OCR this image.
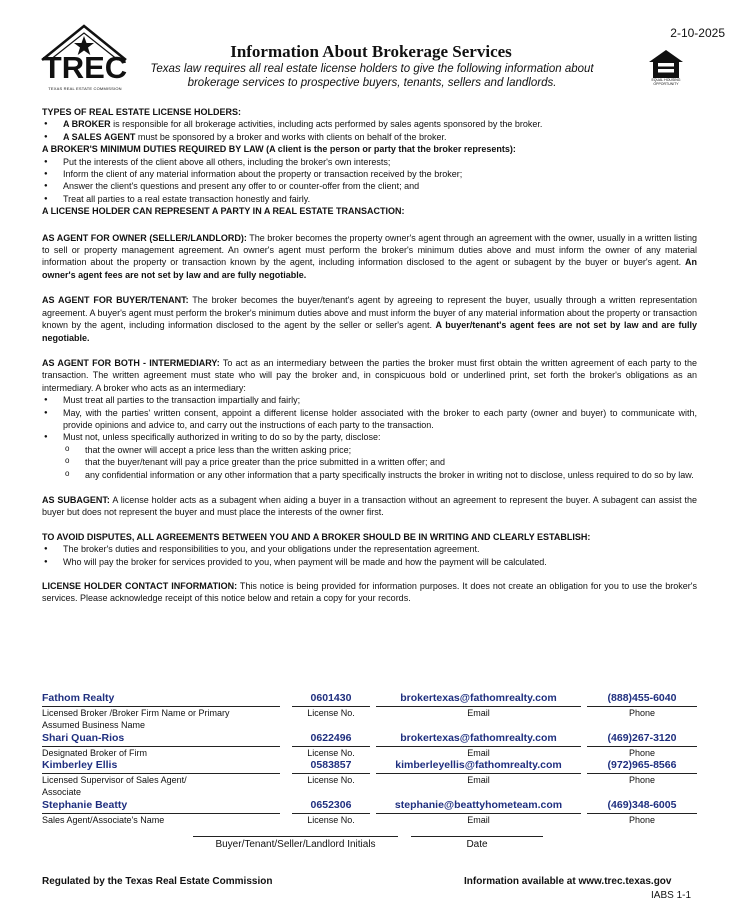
TREC
TEXAS REAL ESTATE COMMISSION
2-10-2025
EQUAL HOUSING OPPORTUNITY
Information About Brokerage Services
Texas law requires all real estate license holders to give the following information about brokerage services to prospective buyers, tenants, sellers and landlords.

TYPES OF REAL ESTATE LICENSE HOLDERS:

● A BROKER is responsible for all brokerage activities, including acts performed by sales agents sponsored by the broker.
● A SALES AGENT must be sponsored by a broker and works with clients on behalf of the broker.

A BROKER'S MINIMUM DUTIES REQUIRED BY LAW (A client is the person or party that the broker represents):

● Put the interests of the client above all others, including the broker's own interests;
● Inform the client of any material information about the property or transaction received by the broker;
● Answer the client's questions and present any offer to or counter-offer from the client; and
● Treat all parties to a real estate transaction honestly and fairly.

A LICENSE HOLDER CAN REPRESENT A PARTY IN A REAL ESTATE TRANSACTION:

AS AGENT FOR OWNER (SELLER/LANDLORD): The broker becomes the property owner's agent through an agreement with the owner, usually in a written listing to sell or property management agreement. An owner's agent must perform the broker's minimum duties above and must inform the owner of any material information about the property or transaction known by the agent, including information disclosed to the agent or subagent by the buyer or buyer's agent. An owner's agent fees are not set by law and are fully negotiable.

AS AGENT FOR BUYER/TENANT: The broker becomes the buyer/tenant's agent by agreeing to represent the buyer, usually through a written representation agreement. A buyer's agent must perform the broker's minimum duties above and must inform the buyer of any material information about the property or transaction known by the agent, including information disclosed to the agent by the seller or seller's agent. A buyer/tenant's agent fees are not set by law and are fully negotiable.

AS AGENT FOR BOTH - INTERMEDIARY: To act as an intermediary between the parties the broker must first obtain the written agreement of each party to the transaction. The written agreement must state who will pay the broker and, in conspicuous bold or underlined print, set forth the broker's obligations as an intermediary. A broker who acts as an intermediary:

● Must treat all parties to the transaction impartially and fairly;
● May, with the parties' written consent, appoint a different license holder associated with the broker to each party (owner and buyer) to communicate with, provide opinions and advice to, and carry out the instructions of each party to the transaction.
● Must not, unless specifically authorized in writing to do so by the party, disclose:
o that the owner will accept a price less than the written asking price;
o that the buyer/tenant will pay a price greater than the price submitted in a written offer; and
o any confidential information or any other information that a party specifically instructs the broker in writing not to disclose, unless required to do so by law.

AS SUBAGENT: A license holder acts as a subagent when aiding a buyer in a transaction without an agreement to represent the buyer. A subagent can assist the buyer but does not represent the buyer and must place the interests of the owner first.

TO AVOID DISPUTES, ALL AGREEMENTS BETWEEN YOU AND A BROKER SHOULD BE IN WRITING AND CLEARLY ESTABLISH:

● The broker's duties and responsibilities to you, and your obligations under the representation agreement.
● Who will pay the broker for services provided to you, when payment will be made and how the payment will be calculated.

LICENSE HOLDER CONTACT INFORMATION: This notice is being provided for information purposes. It does not create an obligation for you to use the broker's services. Please acknowledge receipt of this notice below and retain a copy for your records.

Fathom Realty	0601430	brokertexas@fathomrealty.com	(888)455-6040
Licensed Broker /Broker Firm Name or Primary Assumed Business Name
License No.	Email	Phone
Shari Quan-Rios	0622496	brokertexas@fathomrealty.com	(469)267-3120
Designated Broker of Firm	License No.	Email	Phone
Kimberley Ellis	0583857	kimberleyellis@fathomrealty.com	(972)965-8566
Licensed Supervisor of Sales Agent/ Associate
License No.	Email	Phone
Stephanie Beatty	0652306	stephanie@beattyhometeam.com	(469)348-6005
Sales Agent/Associate's Name	License No.	Email	Phone
Buyer/Tenant/Seller/Landlord Initials	Date
Regulated by the Texas Real Estate Commission	Information available at www.trec.texas.gov
IABS 1-1
